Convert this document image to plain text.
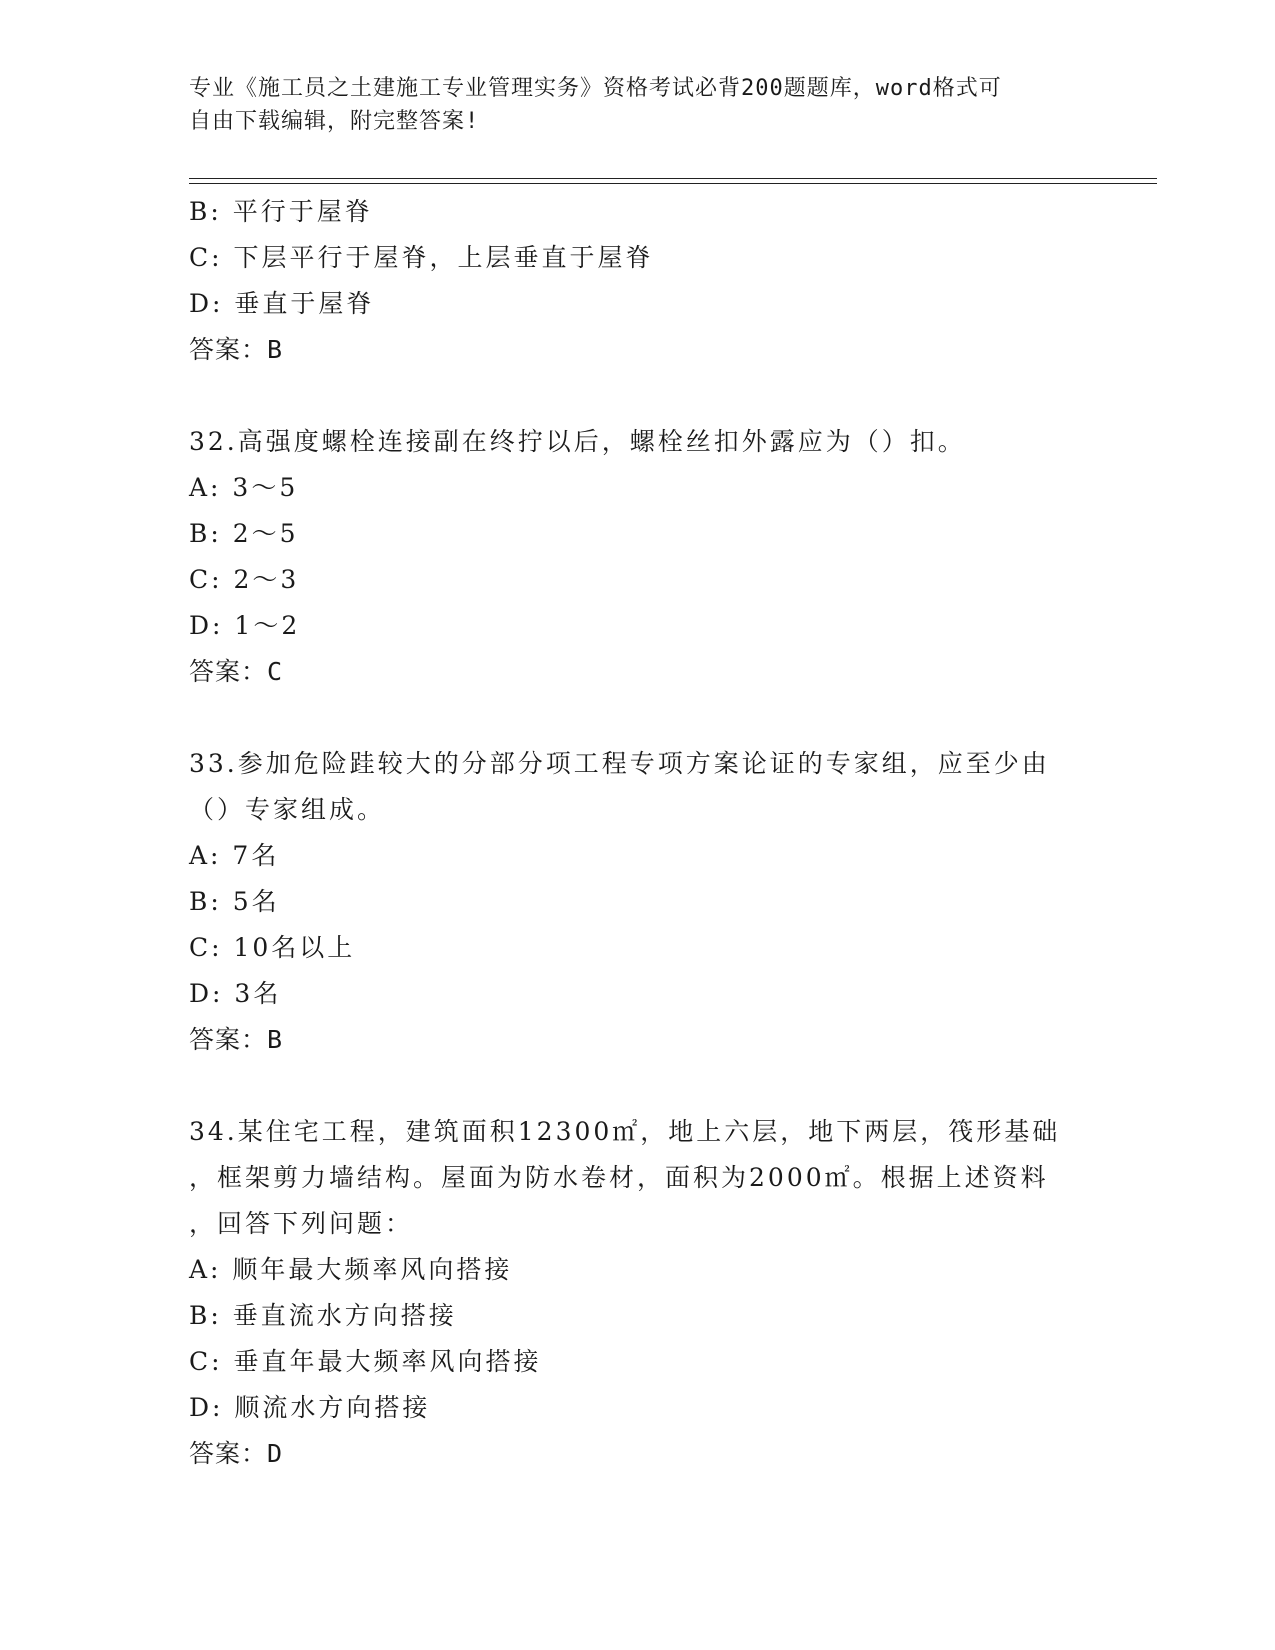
专业《施工员之土建施工专业管理实务》资格考试必背200题题库，word格式可
自由下载编辑，附完整答案!
B: 平行于屋脊
C: 下层平行于屋脊，上层垂直于屋脊
D: 垂直于屋脊
答案：B
32.高强度螺栓连接副在终拧以后，螺栓丝扣外露应为（）扣。
A: 3～5
B: 2～5
C: 2～3
D: 1～2
答案：C
33.参加危险跬较大的分部分项工程专项方案论证的专家组，应至少由
（）专家组成。
A: 7名
B: 5名
C: 10名以上
D: 3名
答案：B
34.某住宅工程，建筑面积12300㎡，地上六层，地下两层，筏形基础
，框架剪力墙结构。屋面为防水卷材，面积为2000㎡。根据上述资料
，回答下列问题：
A: 顺年最大频率风向搭接
B: 垂直流水方向搭接
C: 垂直年最大频率风向搭接
D: 顺流水方向搭接
答案：D
